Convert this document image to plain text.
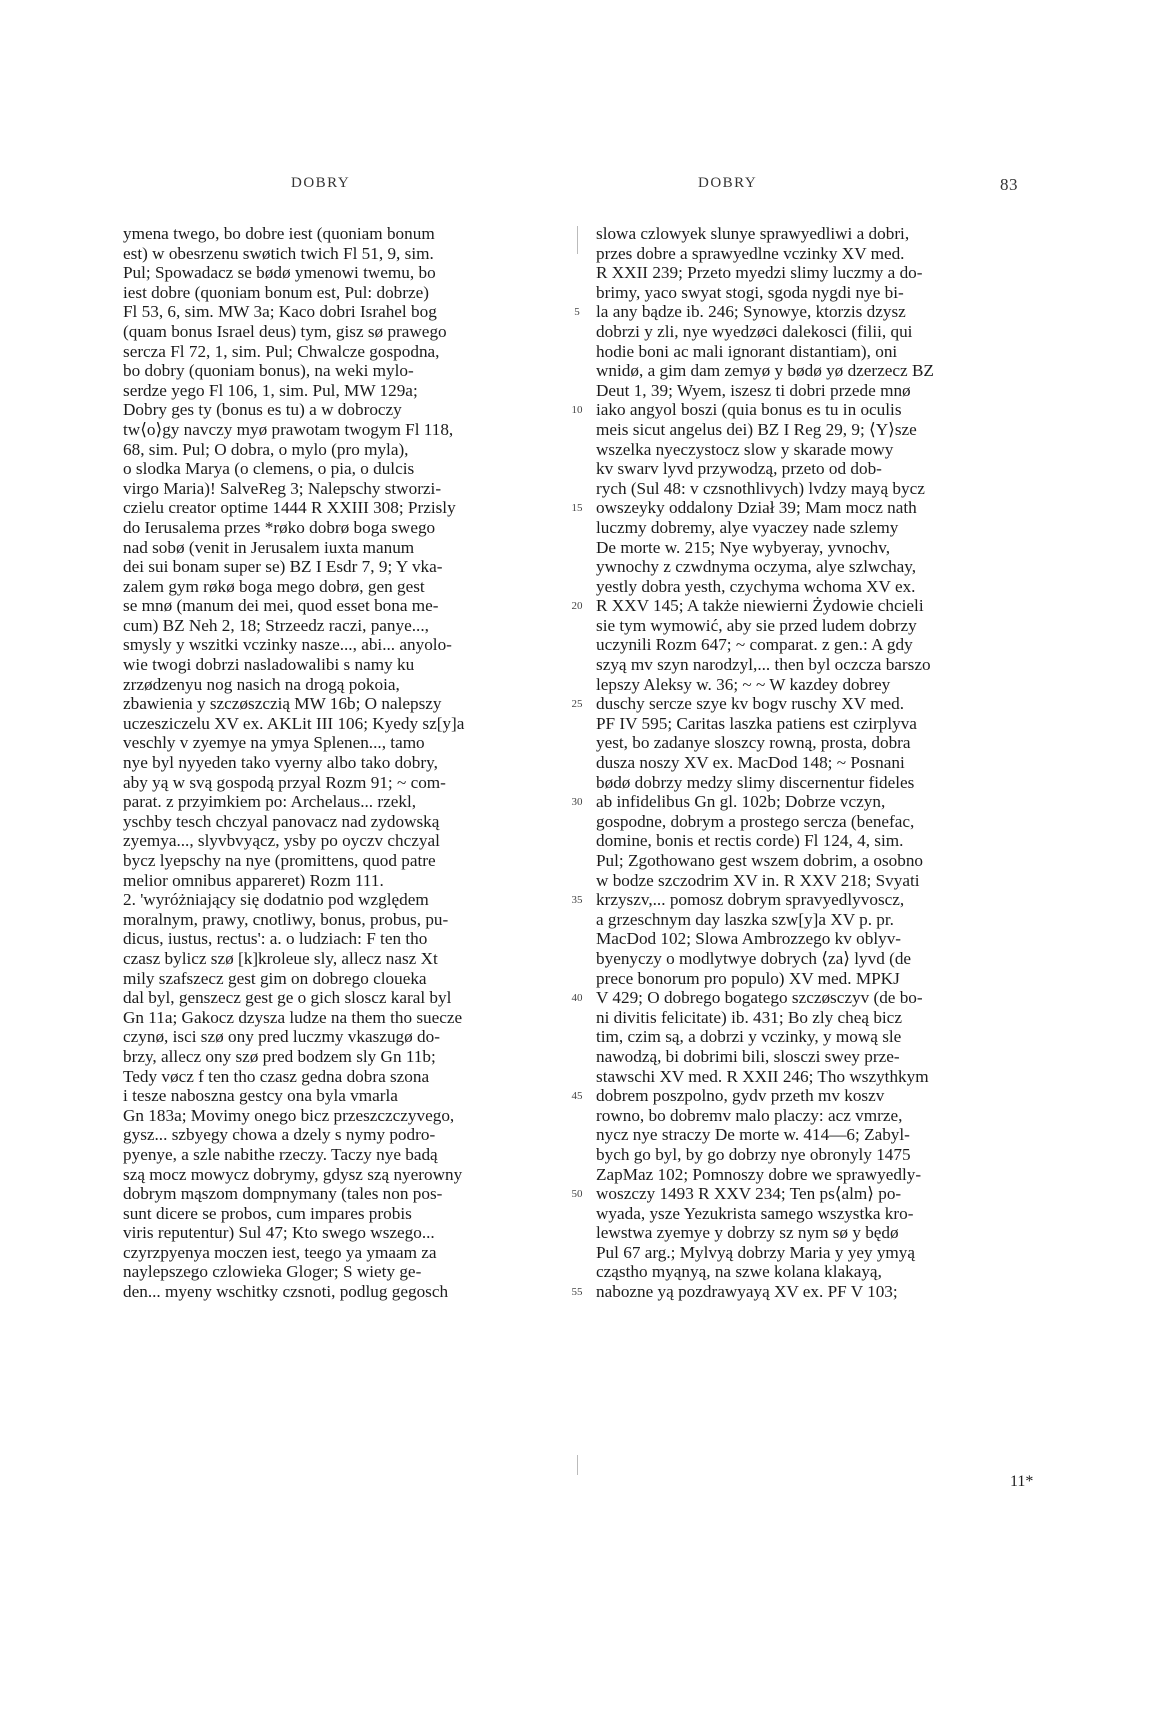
DOBRY	DOBRY	83
ymena twego, bo dobre iest (quoniam bonum
est) w obesrzenu swøtich twich Fl 51, 9, sim.
Pul; Spowadacz se bødø ymenowi twemu, bo
iest dobre (quoniam bonum est, Pul: dobrze)
Fl 53, 6, sim. MW 3a; Kaco dobri Israhel bog
(quam bonus Israel deus) tym, gisz sø prawego
sercza Fl 72, 1, sim. Pul; Chwalcze gospodna,
bo dobry (quoniam bonus), na weki mylo-
serdze yego Fl 106, 1, sim. Pul, MW 129a;
Dobry ges ty (bonus es tu) a w dobroczy
tw⟨o⟩gy navczy myø prawotam twogym Fl 118,
68, sim. Pul; O dobra, o mylo (pro myla),
o slodka Marya (o clemens, o pia, o dulcis
virgo Maria)! SalveReg 3; Nalepschy stworzi-
czielu creator optime 1444 R XXIII 308; Przisly
do Ierusalema przes *røko dobrø boga swego
nad sobø (venit in Jerusalem iuxta manum
dei sui bonam super se) BZ I Esdr 7, 9; Y vka-
zalem gym røkø boga mego dobrø, gen gest
se mnø (manum dei mei, quod esset bona me-
cum) BZ Neh 2, 18; Strzeedz raczi, panye...,
smysly y wszitki vczinky nasze..., abi... anyolo-
wie twogi dobrzi nasladowalibi s namy ku
zrzødzenyu nog nasich na drogą pokoia,
zbawienia y szczøszczią MW 16b; O nalepszy
uczesziczelu XV ex. AKLit III 106; Kyedy sz[y]a
veschly v zyemye na ymya Splenen..., tamo
nye byl nyyeden tako vyerny albo tako dobry,
aby yą w svą gospodą przyal Rozm 91; ~ com-
parat. z przyimkiem po: Archelaus... rzekl,
yschby tesch chczyal panovacz nad zydowską
zyemya..., slyvbvyącz, ysby po oyczv chczyal
bycz lyepschy na nye (promittens, quod patre
melior omnibus appareret) Rozm 111.
2. 'wyróżniający się dodatnio pod względem
moralnym, prawy, cnotliwy, bonus, probus, pu-
dicus, iustus, rectus': a. o ludziach: F ten tho
czasz bylicz szø [k]kroleue sly, allecz nasz Xt
mily szafszecz gest gim on dobrego cloueka
dal byl, genszecz gest ge o gich sloscz karal byl
Gn 11a; Gakocz dzysza ludze na them tho suecze
czynø, isci szø ony pred luczmy vkaszugø do-
brzy, allecz ony szø pred bodzem sly Gn 11b;
Tedy vøcz f ten tho czasz gedna dobra szona
i tesze naboszna gestcy ona byla vmarla
Gn 183a; Movimy onego bicz przeszczczyvego,
gysz... szbyegy chowa a dzely s nymy podro-
pyenye, a szle nabithe rzeczy. Taczy nye badą
szą mocz mowycz dobrymy, gdysz szą nyerowny
dobrym mąszom dompnymany (tales non pos-
sunt dicere se probos, cum impares probis
viris reputentur) Sul 47; Kto swego wszego...
czyrzpyenya moczen iest, teego ya ymaam za
naylepszego czlowieka Gloger; S wiety ge-
den... myeny wschitky czsnoti, podlug gegosch
slowa czlowyek slunye sprawyedliwi a dobri,
przes dobre a sprawyedlne vczinky XV med.
R XXII 239; Przeto myedzi slimy luczmy a do-
brimy, yaco swyat stogi, sgoda nygdi nye bi-
la any bądze ib. 246; Synowye, ktorzis dzysz
dobrzi y zli, nye wyedzøci dalekosci (filii, qui
hodie boni ac mali ignorant distantiam), oni
wnidø, a gim dam zemyø y bødø yø dzerzecz BZ
Deut 1, 39; Wyem, iszesz ti dobri przede mnø
iako angyol boszi (quia bonus es tu in oculis
meis sicut angelus dei) BZ I Reg 29, 9; ⟨Y⟩sze
wszelka nyeczystocz slow y skarade mowy
kv swarv lyvd przywodzą, przeto od dob-
rych (Sul 48: v czsnothlivych) lvdzy mayą bycz
owszeyky oddalony Dział 39; Mam mocz nath
luczmy dobremy, alye vyaczey nade szlemy
De morte w. 215; Nye wybyeray, yvnochv,
ywnochy z czwdnyma oczyma, alye szlwchay,
yestly dobra yesth, czychyma wchoma XV ex.
R XXV 145; A także niewierni Żydowie chcieli
sie tym wymowić, aby sie przed ludem dobrzy
uczynili Rozm 647; ~ comparat. z gen.: A gdy
szyą mv szyn narodzyl,... then byl oczcza barszo
lepszy Aleksy w. 36; ~ ~ W kazdey dobrey
duschy sercze szye kv bogv ruschy XV med.
PF IV 595; Caritas laszka patiens est czirplyva
yest, bo zadanye sloszcy rowną, prosta, dobra
dusza noszy XV ex. MacDod 148; ~ Posnani
bødø dobrzy medzy slimy discernentur fideles
ab infidelibus Gn gl. 102b; Dobrze vczyn,
gospodne, dobrym a prostego sercza (benefac,
domine, bonis et rectis corde) Fl 124, 4, sim.
Pul; Zgothowano gest wszem dobrim, a osobno
w bodze szczodrim XV in. R XXV 218; Svyati
krzyszv,... pomosz dobrym spravyedlyvoscz,
a grzeschnym day laszka szw[y]a XV p. pr.
MacDod 102; Slowa Ambrozzego kv oblyv-
byenyczy o modlytwye dobrych ⟨za⟩ lyvd (de
prece bonorum pro populo) XV med. MPKJ
V 429; O dobrego bogatego szczøsczyv (de bo-
ni divitis felicitate) ib. 431; Bo zly cheą bicz
tim, czim są, a dobrzi y vczinky, y mową sle
nawodzą, bi dobrimi bili, slosczi swey prze-
stawschi XV med. R XXII 246; Tho wszythkym
dobrem poszpolno, gydv przeth mv koszv
rowno, bo dobremv malo placzy: acz vmrze,
nycz nye straczy De morte w. 414—6; Zabyl-
bych go byl, by go dobrzy nye obronyly 1475
ZapMaz 102; Pomnoszy dobre we sprawyedly-
woszczy 1493 R XXV 234; Ten ps⟨alm⟩ po-
wyada, ysze Yezukrista samego wszystka kro-
lewstwa zyemye y dobrzy sz nym sø y będø
Pul 67 arg.; Mylvyą dobrzy Maria y yey ymyą
cząstho myąnyą, na szwe kolana klakayą,
nabozne yą pozdrawyayą XV ex. PF V 103;
5
10
15
20
25
30
35
40
45
50
55
11*
